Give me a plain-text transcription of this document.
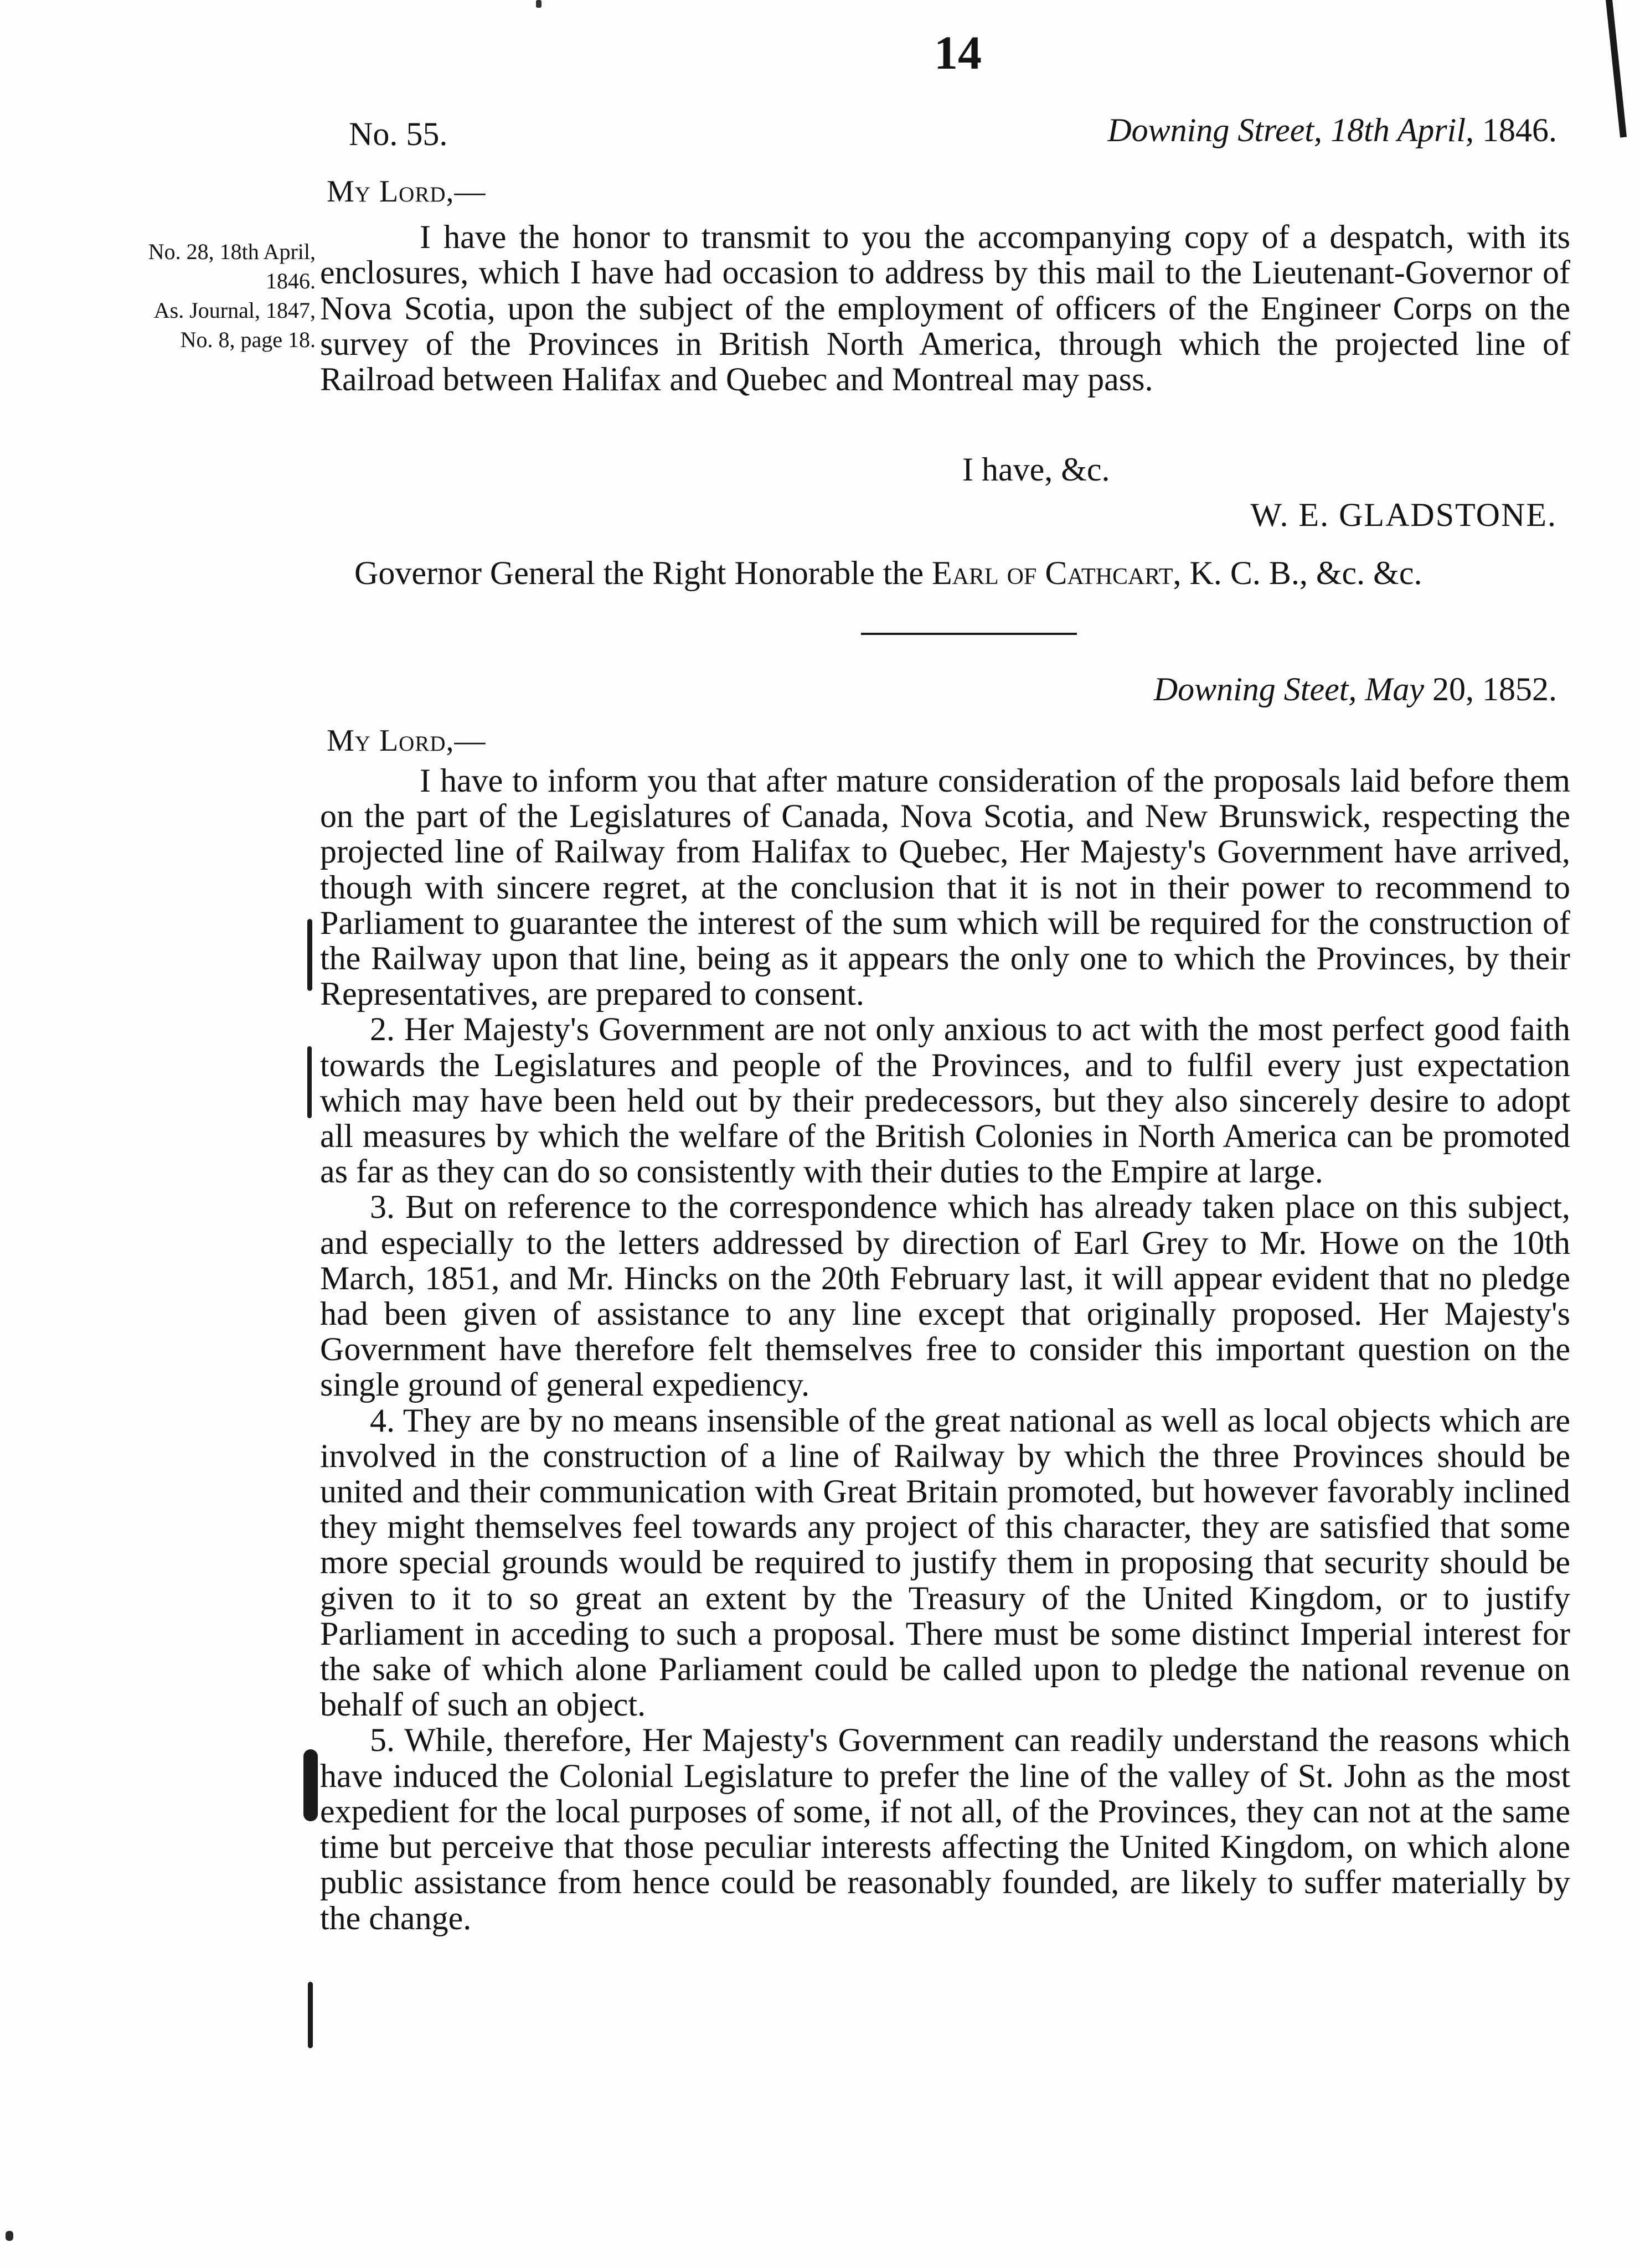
14
No. 55.	Downing Street, 18th April, 1846.
My Lord,—
No. 28, 18th April,
1846.
As. Journal, 1847,
No. 8, page 18.

I have the honor to transmit to you the accompanying copy of a despatch, with its enclosures, which I have had occasion to address by this mail to the Lieutenant-Governor of Nova Scotia, upon the subject of the employment of officers of the Engineer Corps on the survey of the Provinces in British North America, through which the projected line of Railroad between Halifax and Quebec and Montreal may pass.

I have, &c.
W. E. GLADSTONE.
Governor General the Right Honorable the Earl of Cathcart, K. C. B., &c. &c.
Downing Steet, May 20, 1852.
My Lord,—

I have to inform you that after mature consideration of the proposals laid before them on the part of the Legislatures of Canada, Nova Scotia, and New Brunswick, respecting the projected line of Railway from Halifax to Quebec, Her Majesty's Government have arrived, though with sincere regret, at the conclusion that it is not in their power to recommend to Parliament to guarantee the interest of the sum which will be required for the construction of the Railway upon that line, being as it appears the only one to which the Provinces, by their Representatives, are prepared to consent.

2. Her Majesty's Government are not only anxious to act with the most perfect good faith towards the Legislatures and people of the Provinces, and to fulfil every just expectation which may have been held out by their predecessors, but they also sincerely desire to adopt all measures by which the welfare of the British Colonies in North America can be promoted as far as they can do so consistently with their duties to the Empire at large.

3. But on reference to the correspondence which has already taken place on this subject, and especially to the letters addressed by direction of Earl Grey to Mr. Howe on the 10th March, 1851, and Mr. Hincks on the 20th February last, it will appear evident that no pledge had been given of assistance to any line except that originally proposed. Her Majesty's Government have therefore felt themselves free to consider this important question on the single ground of general expediency.

4. They are by no means insensible of the great national as well as local objects which are involved in the construction of a line of Railway by which the three Provinces should be united and their communication with Great Britain promoted, but however favorably inclined they might themselves feel towards any project of this character, they are satisfied that some more special grounds would be required to justify them in proposing that security should be given to it to so great an extent by the Treasury of the United Kingdom, or to justify Parliament in acceding to such a proposal. There must be some distinct Imperial interest for the sake of which alone Parliament could be called upon to pledge the national revenue on behalf of such an object.

5. While, therefore, Her Majesty's Government can readily understand the reasons which have induced the Colonial Legislature to prefer the line of the valley of St. John as the most expedient for the local purposes of some, if not all, of the Provinces, they can not at the same time but perceive that those peculiar interests affecting the United Kingdom, on which alone public assistance from hence could be reasonably founded, are likely to suffer materially by the change.
